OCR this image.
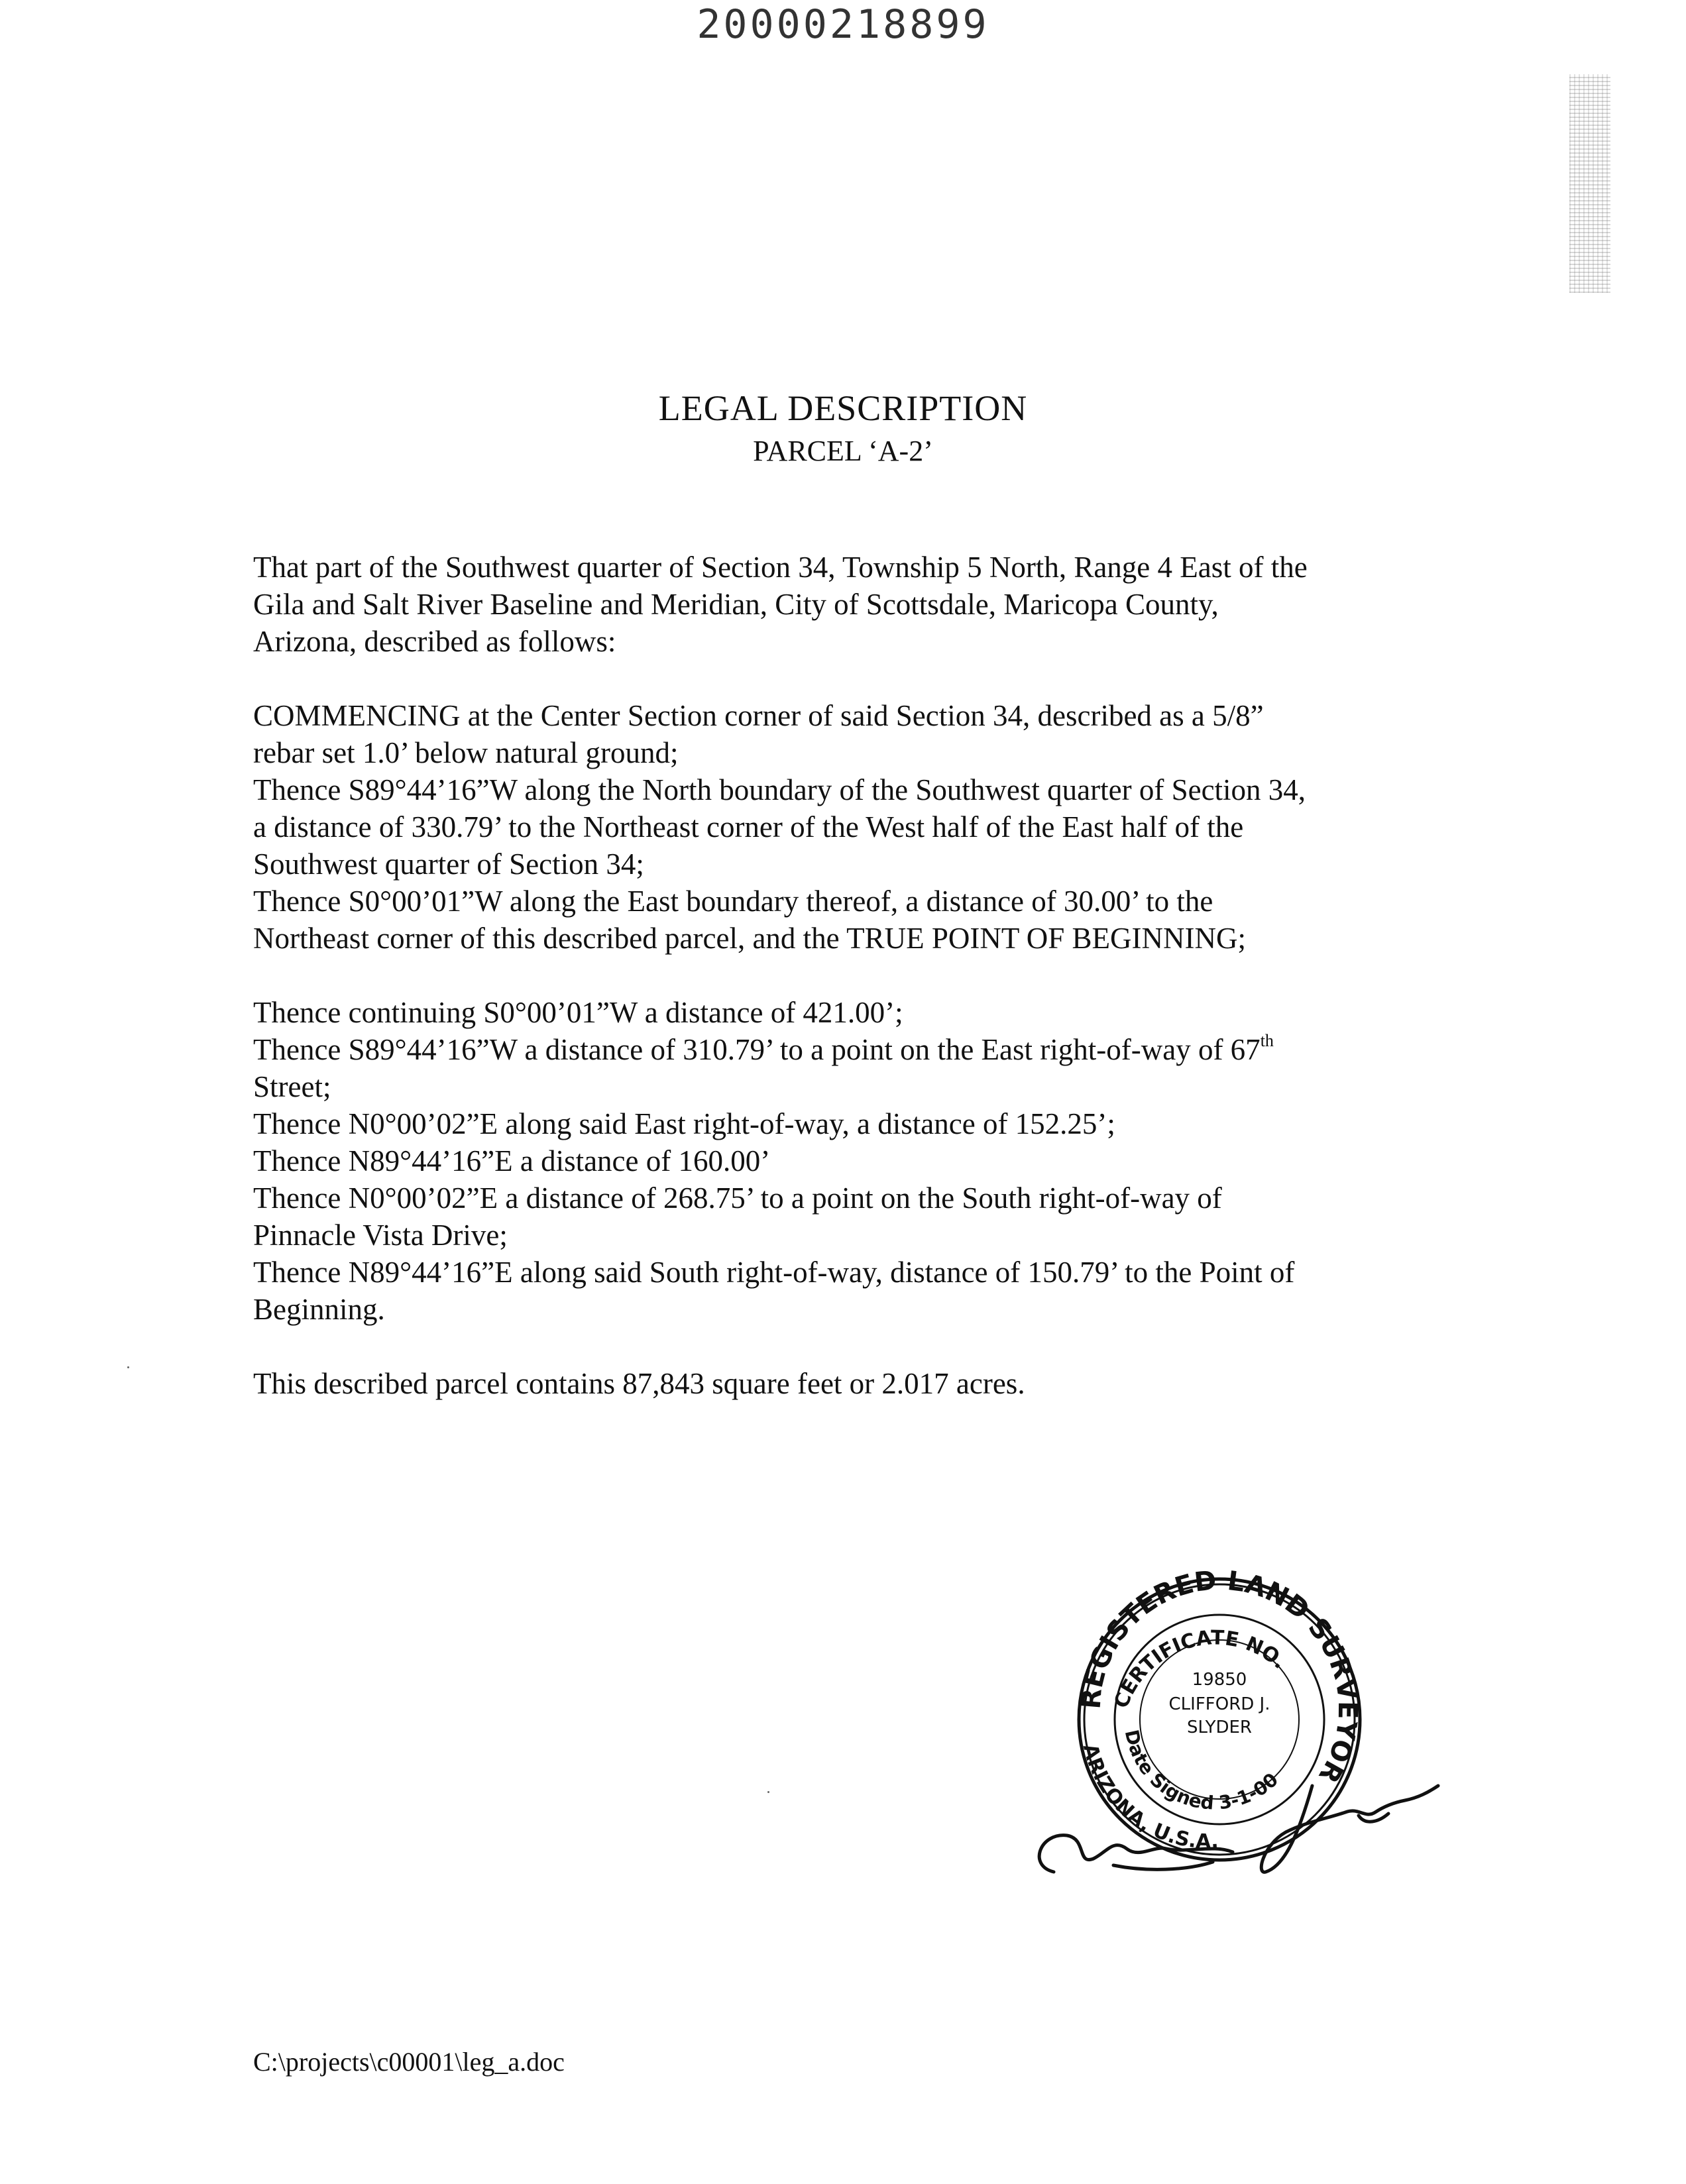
20000218899
LEGAL DESCRIPTION
PARCEL ‘A-2’

That part of the Southwest quarter of Section 34, Township 5 North, Range 4 East of the

Gila and Salt River Baseline and Meridian, City of Scottsdale, Maricopa County,

Arizona, described as follows:

COMMENCING at the Center Section corner of said Section 34, described as a 5/8”

rebar set 1.0’ below natural ground;

Thence S89°44’16”W along the North boundary of the Southwest quarter of Section 34,

a distance of 330.79’ to the Northeast corner of the West half of the East half of the

Southwest quarter of Section 34;

Thence S0°00’01”W along the East boundary thereof, a distance of 30.00’ to the

Northeast corner of this described parcel, and the TRUE POINT OF BEGINNING;

Thence continuing S0°00’01”W a distance of 421.00’;

Thence S89°44’16”W a distance of 310.79’ to a point on the East right-of-way of 67th

Street;

Thence N0°00’02”E along said East right-of-way, a distance of 152.25’;

Thence N89°44’16”E a distance of 160.00’

Thence N0°00’02”E a distance of 268.75’ to a point on the South right-of-way of

Pinnacle Vista Drive;

Thence N89°44’16”E along said South right-of-way, distance of 150.79’ to the Point of

Beginning.

This described parcel contains 87,843 square feet or 2.017 acres.

REGISTERED LAND SURVEYOR
CERTIFICATE NO.
Date Signed 3-1-00
ARIZONA, U.S.A.
19850
CLIFFORD J.
SLYDER
C:\projects\c00001\leg_a.doc
